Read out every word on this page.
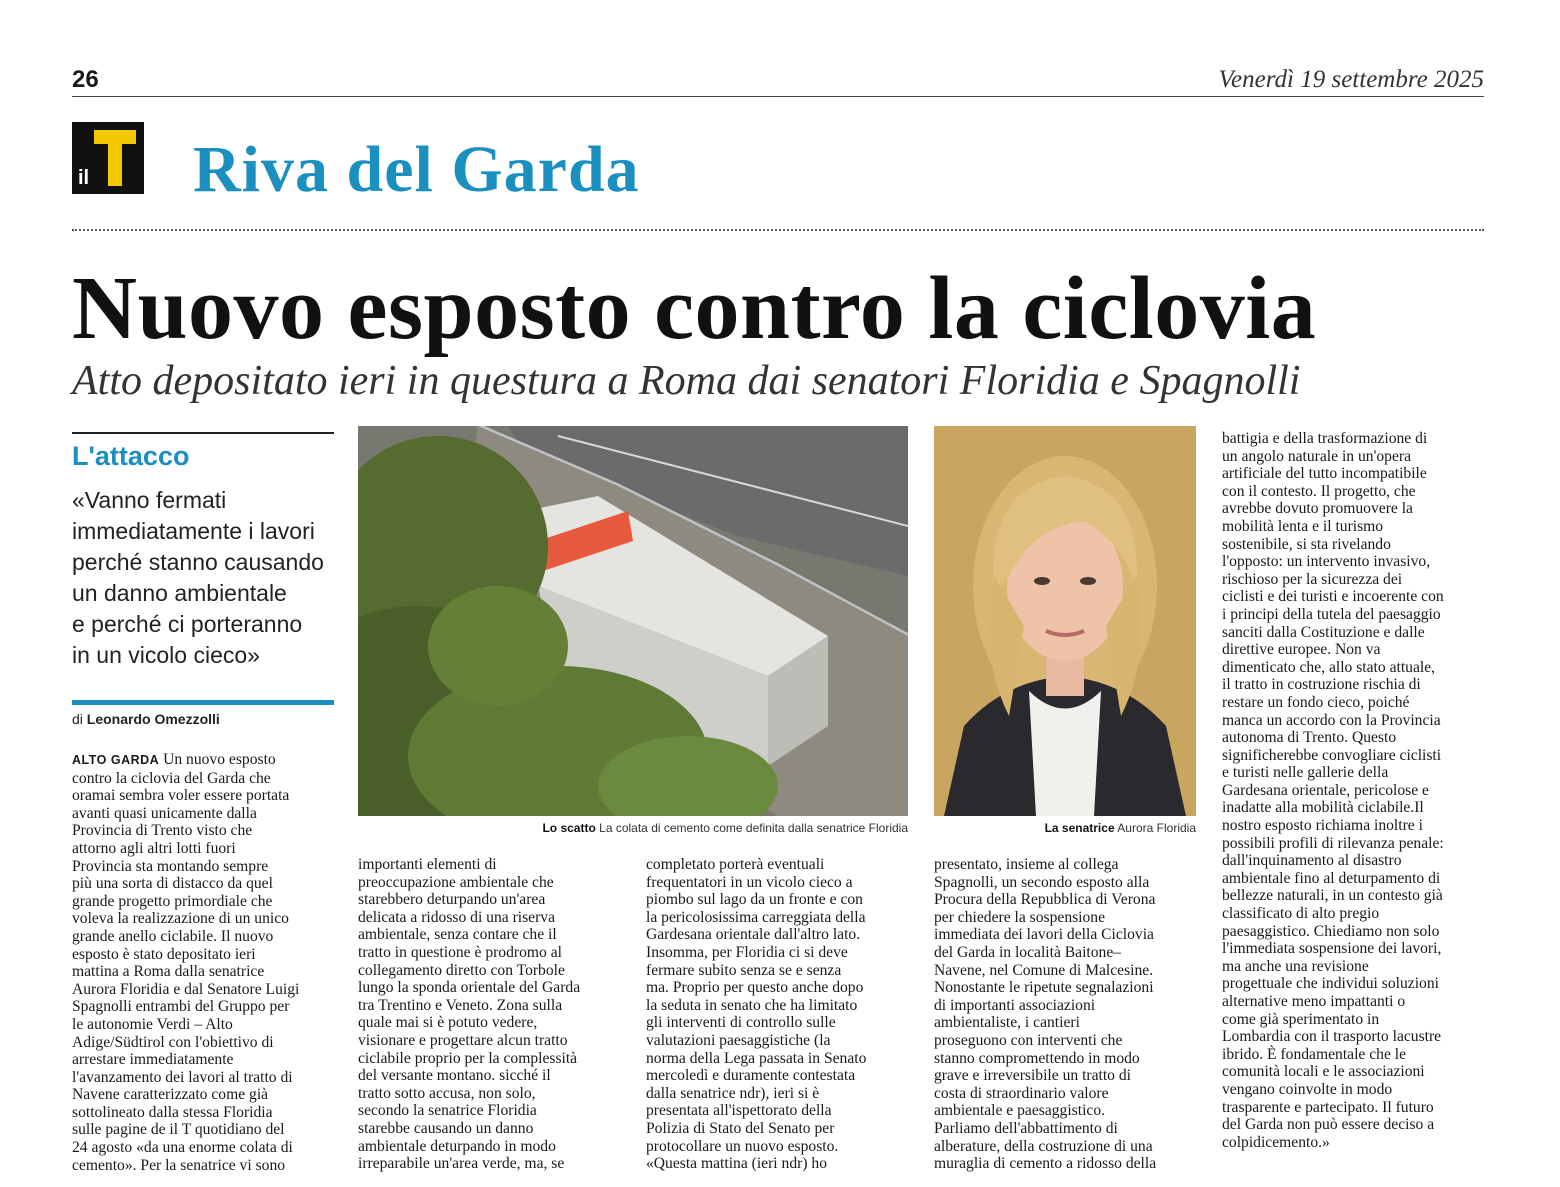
26	Venerdì 19 settembre 2025
il Riva del Garda
Nuovo esposto contro la ciclovia
Atto depositato ieri in questura a Roma dai senatori Floridia e Spagnolli
L'attacco
«Vanno fermati
immediatamente i lavori
perché stanno causando
un danno ambientale
e perché ci porteranno
in un vicolo cieco»
di Leonardo Omezzolli
Lo scatto La colata di cemento come definita dalla senatrice Floridia	La senatrice Aurora Floridia
ALTO GARDA Un nuovo esposto
contro la ciclovia del Garda che
oramai sembra voler essere portata
avanti quasi unicamente dalla
Provincia di Trento visto che
attorno agli altri lotti fuori
Provincia sta montando sempre
più una sorta di distacco da quel
grande progetto primordiale che
voleva la realizzazione di un unico
grande anello ciclabile. Il nuovo
esposto è stato depositato ieri
mattina a Roma dalla senatrice
Aurora Floridia e dal Senatore Luigi
Spagnolli entrambi del Gruppo per
le autonomie Verdi – Alto
Adige/Südtirol con l'obiettivo di
arrestare immediatamente
l'avanzamento dei lavori al tratto di
Navene caratterizzato come già
sottolineato dalla stessa Floridia
sulle pagine de il T quotidiano del
24 agosto «da una enorme colata di
cemento». Per la senatrice vi sono
importanti elementi di
preoccupazione ambientale che
starebbero deturpando un'area
delicata a ridosso di una riserva
ambientale, senza contare che il
tratto in questione è prodromo al
collegamento diretto con Torbole
lungo la sponda orientale del Garda
tra Trentino e Veneto. Zona sulla
quale mai si è potuto vedere,
visionare e progettare alcun tratto
ciclabile proprio per la complessità
del versante montano. sicché il
tratto sotto accusa, non solo,
secondo la senatrice Floridia
starebbe causando un danno
ambientale deturpando in modo
irreparabile un'area verde, ma, se
completato porterà eventuali
frequentatori in un vicolo cieco a
piombo sul lago da un fronte e con
la pericolosissima carreggiata della
Gardesana orientale dall'altro lato.
Insomma, per Floridia ci si deve
fermare subito senza se e senza
ma. Proprio per questo anche dopo
la seduta in senato che ha limitato
gli interventi di controllo sulle
valutazioni paesaggistiche (la
norma della Lega passata in Senato
mercoledì e duramente contestata
dalla senatrice ndr), ieri si è
presentata all'ispettorato della
Polizia di Stato del Senato per
protocollare un nuovo esposto.
«Questa mattina (ieri ndr) ho
presentato, insieme al collega
Spagnolli, un secondo esposto alla
Procura della Repubblica di Verona
per chiedere la sospensione
immediata dei lavori della Ciclovia
del Garda in località Baitone–
Navene, nel Comune di Malcesine.
Nonostante le ripetute segnalazioni
di importanti associazioni
ambientaliste, i cantieri
proseguono con interventi che
stanno compromettendo in modo
grave e irreversibile un tratto di
costa di straordinario valore
ambientale e paesaggistico.
Parliamo dell'abbattimento di
alberature, della costruzione di una
muraglia di cemento a ridosso della
battigia e della trasformazione di
un angolo naturale in un'opera
artificiale del tutto incompatibile
con il contesto. Il progetto, che
avrebbe dovuto promuovere la
mobilità lenta e il turismo
sostenibile, si sta rivelando
l'opposto: un intervento invasivo,
rischioso per la sicurezza dei
ciclisti e dei turisti e incoerente con
i principi della tutela del paesaggio
sanciti dalla Costituzione e dalle
direttive europee. Non va
dimenticato che, allo stato attuale,
il tratto in costruzione rischia di
restare un fondo cieco, poiché
manca un accordo con la Provincia
autonoma di Trento. Questo
significherebbe convogliare ciclisti
e turisti nelle gallerie della
Gardesana orientale, pericolose e
inadatte alla mobilità ciclabile.Il
nostro esposto richiama inoltre i
possibili profili di rilevanza penale:
dall'inquinamento al disastro
ambientale fino al deturpamento di
bellezze naturali, in un contesto già
classificato di alto pregio
paesaggistico. Chiediamo non solo
l'immediata sospensione dei lavori,
ma anche una revisione
progettuale che individui soluzioni
alternative meno impattanti o
come già sperimentato in
Lombardia con il trasporto lacustre
ibrido. È fondamentale che le
comunità locali e le associazioni
vengano coinvolte in modo
trasparente e partecipato. Il futuro
del Garda non può essere deciso a
colpidicemento.»
